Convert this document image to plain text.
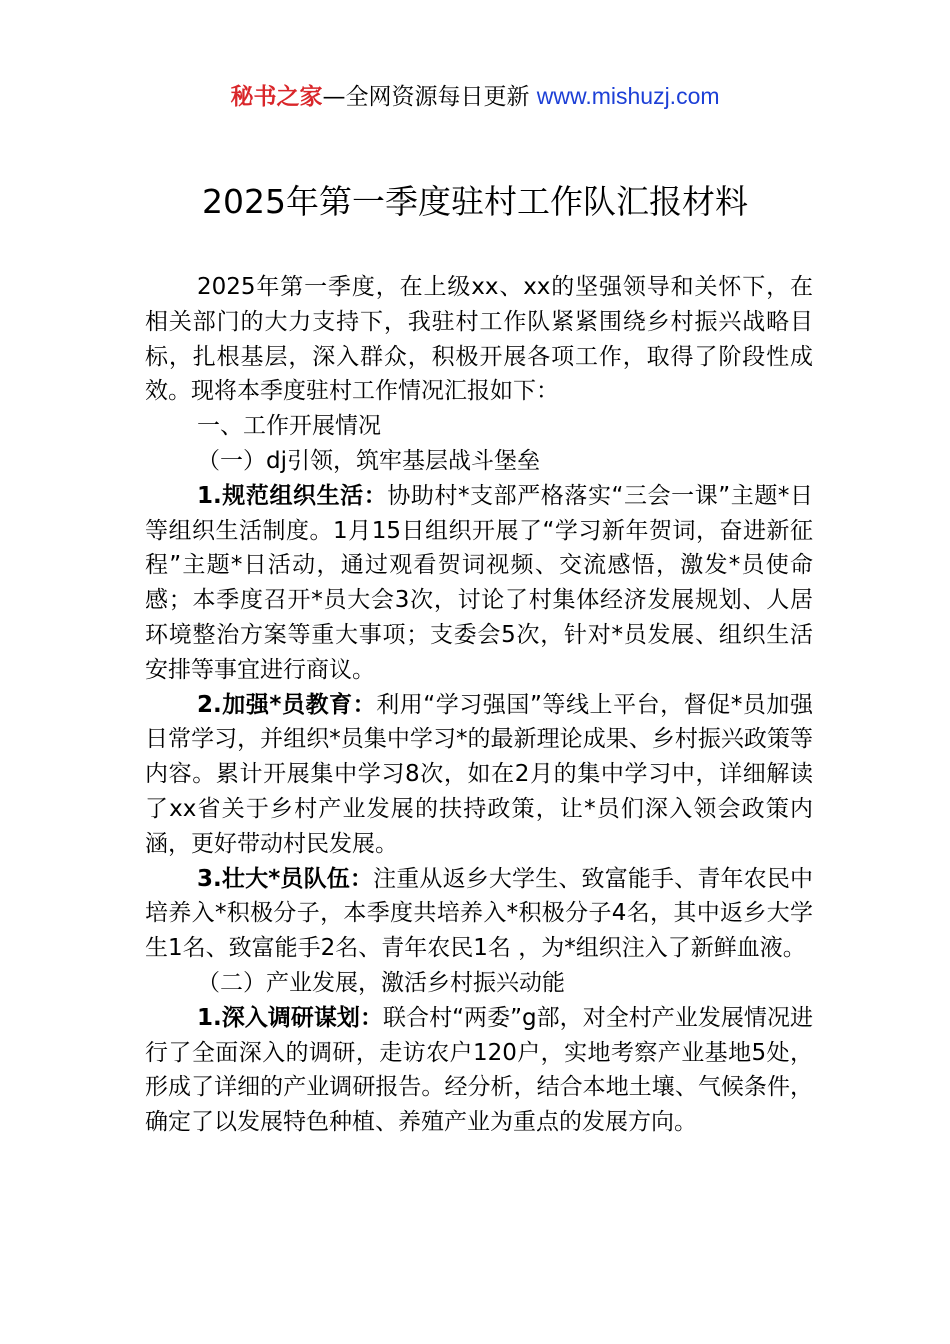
秘书之家—全网资源每日更新 www.mishuzj.com
2025年第一季度驻村工作队汇报材料

2025年第一季度，在上级xx、xx的坚强领导和关怀下，在相关部门的大力支持下，我驻村工作队紧紧围绕乡村振兴战略目标，扎根基层，深入群众，积极开展各项工作，取得了阶段性成效。现将本季度驻村工作情况汇报如下：

一、工作开展情况

（一）dj引领，筑牢基层战斗堡垒

1.规范组织生活：协助村*支部严格落实“三会一课”主题*日等组织生活制度。1月15日组织开展了“学习新年贺词，奋进新征程”主题*日活动，通过观看贺词视频、交流感悟，激发*员使命感；本季度召开*员大会3次，讨论了村集体经济发展规划、人居环境整治方案等重大事项；支委会5次，针对*员发展、组织生活安排等事宜进行商议。

2.加强*员教育：利用“学习强国”等线上平台，督促*员加强日常学习，并组织*员集中学习*的最新理论成果、乡村振兴政策等内容。累计开展集中学习8次，如在2月的集中学习中，详细解读了xx省关于乡村产业发展的扶持政策，让*员们深入领会政策内涵，更好带动村民发展。

3.壮大*员队伍：注重从返乡大学生、致富能手、青年农民中培养入*积极分子，本季度共培养入*积极分子4名，其中返乡大学生1名、致富能手2名、青年农民1名 ，为*组织注入了新鲜血液。

（二）产业发展，激活乡村振兴动能

1.深入调研谋划：联合村“两委”g部，对全村产业发展情况进行了全面深入的调研，走访农户120户，实地考察产业基地5处，形成了详细的产业调研报告。经分析，结合本地土壤、气候条件，确定了以发展特色种植、养殖产业为重点的发展方向。
